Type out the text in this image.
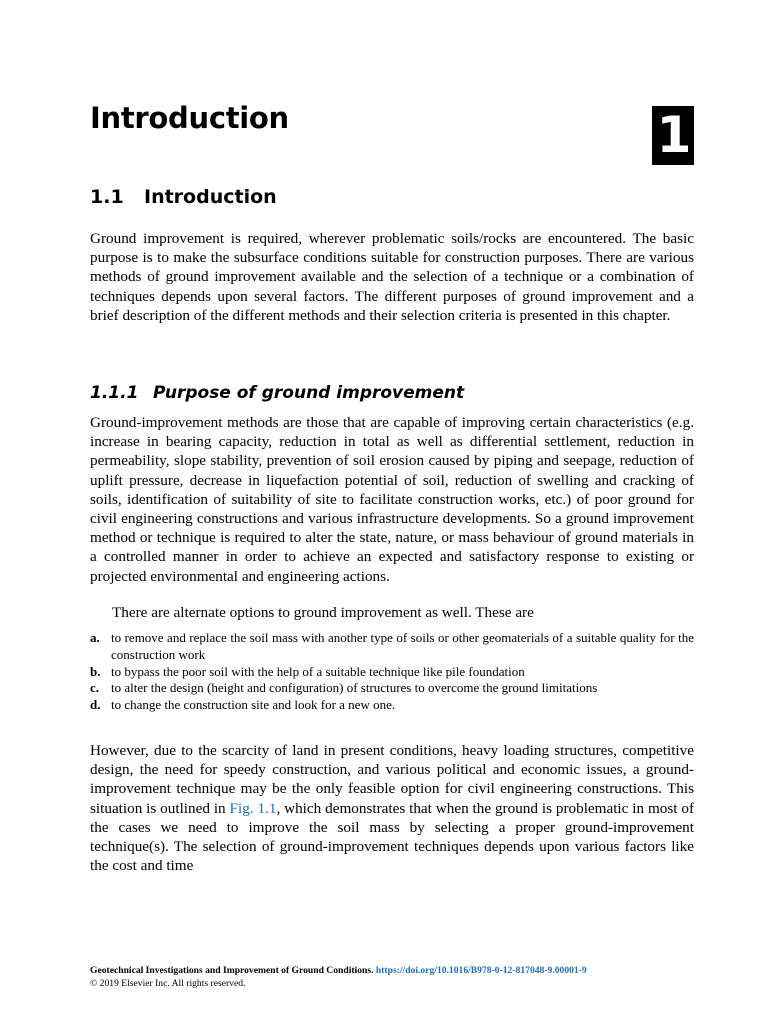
Introduction	1
1.1 Introduction

Ground improvement is required, wherever problematic soils/rocks are encountered. The basic purpose is to make the subsurface conditions suitable for construction purposes. There are various methods of ground improvement available and the selection of a technique or a combination of techniques depends upon several factors. The different purposes of ground improvement and a brief description of the different methods and their selection criteria is presented in this chapter.

1.1.1 Purpose of ground improvement

Ground-improvement methods are those that are capable of improving certain characteristics (e.g. increase in bearing capacity, reduction in total as well as differential settlement, reduction in permeability, slope stability, prevention of soil erosion caused by piping and seepage, reduction of uplift pressure, decrease in liquefaction potential of soil, reduction of swelling and cracking of soils, identification of suitability of site to facilitate construction works, etc.) of poor ground for civil engineering constructions and various infrastructure developments. So a ground improvement method or technique is required to alter the state, nature, or mass behaviour of ground materials in a controlled manner in order to achieve an expected and satisfactory response to existing or projected environmental and engineering actions.

There are alternate options to ground improvement as well. These are

a. to remove and replace the soil mass with another type of soils or other geomaterials of a suitable quality for the construction work
b. to bypass the poor soil with the help of a suitable technique like pile foundation
c. to alter the design (height and configuration) of structures to overcome the ground limitations
d. to change the construction site and look for a new one.

However, due to the scarcity of land in present conditions, heavy loading structures, competitive design, the need for speedy construction, and various political and economic issues, a ground-improvement technique may be the only feasible option for civil engineering constructions. This situation is outlined in Fig. 1.1, which demonstrates that when the ground is problematic in most of the cases we need to improve the soil mass by selecting a proper ground-improvement technique(s). The selection of ground-improvement techniques depends upon various factors like the cost and time

Geotechnical Investigations and Improvement of Ground Conditions. https://doi.org/10.1016/B978-0-12-817048-9.00001-9
© 2019 Elsevier Inc. All rights reserved.
